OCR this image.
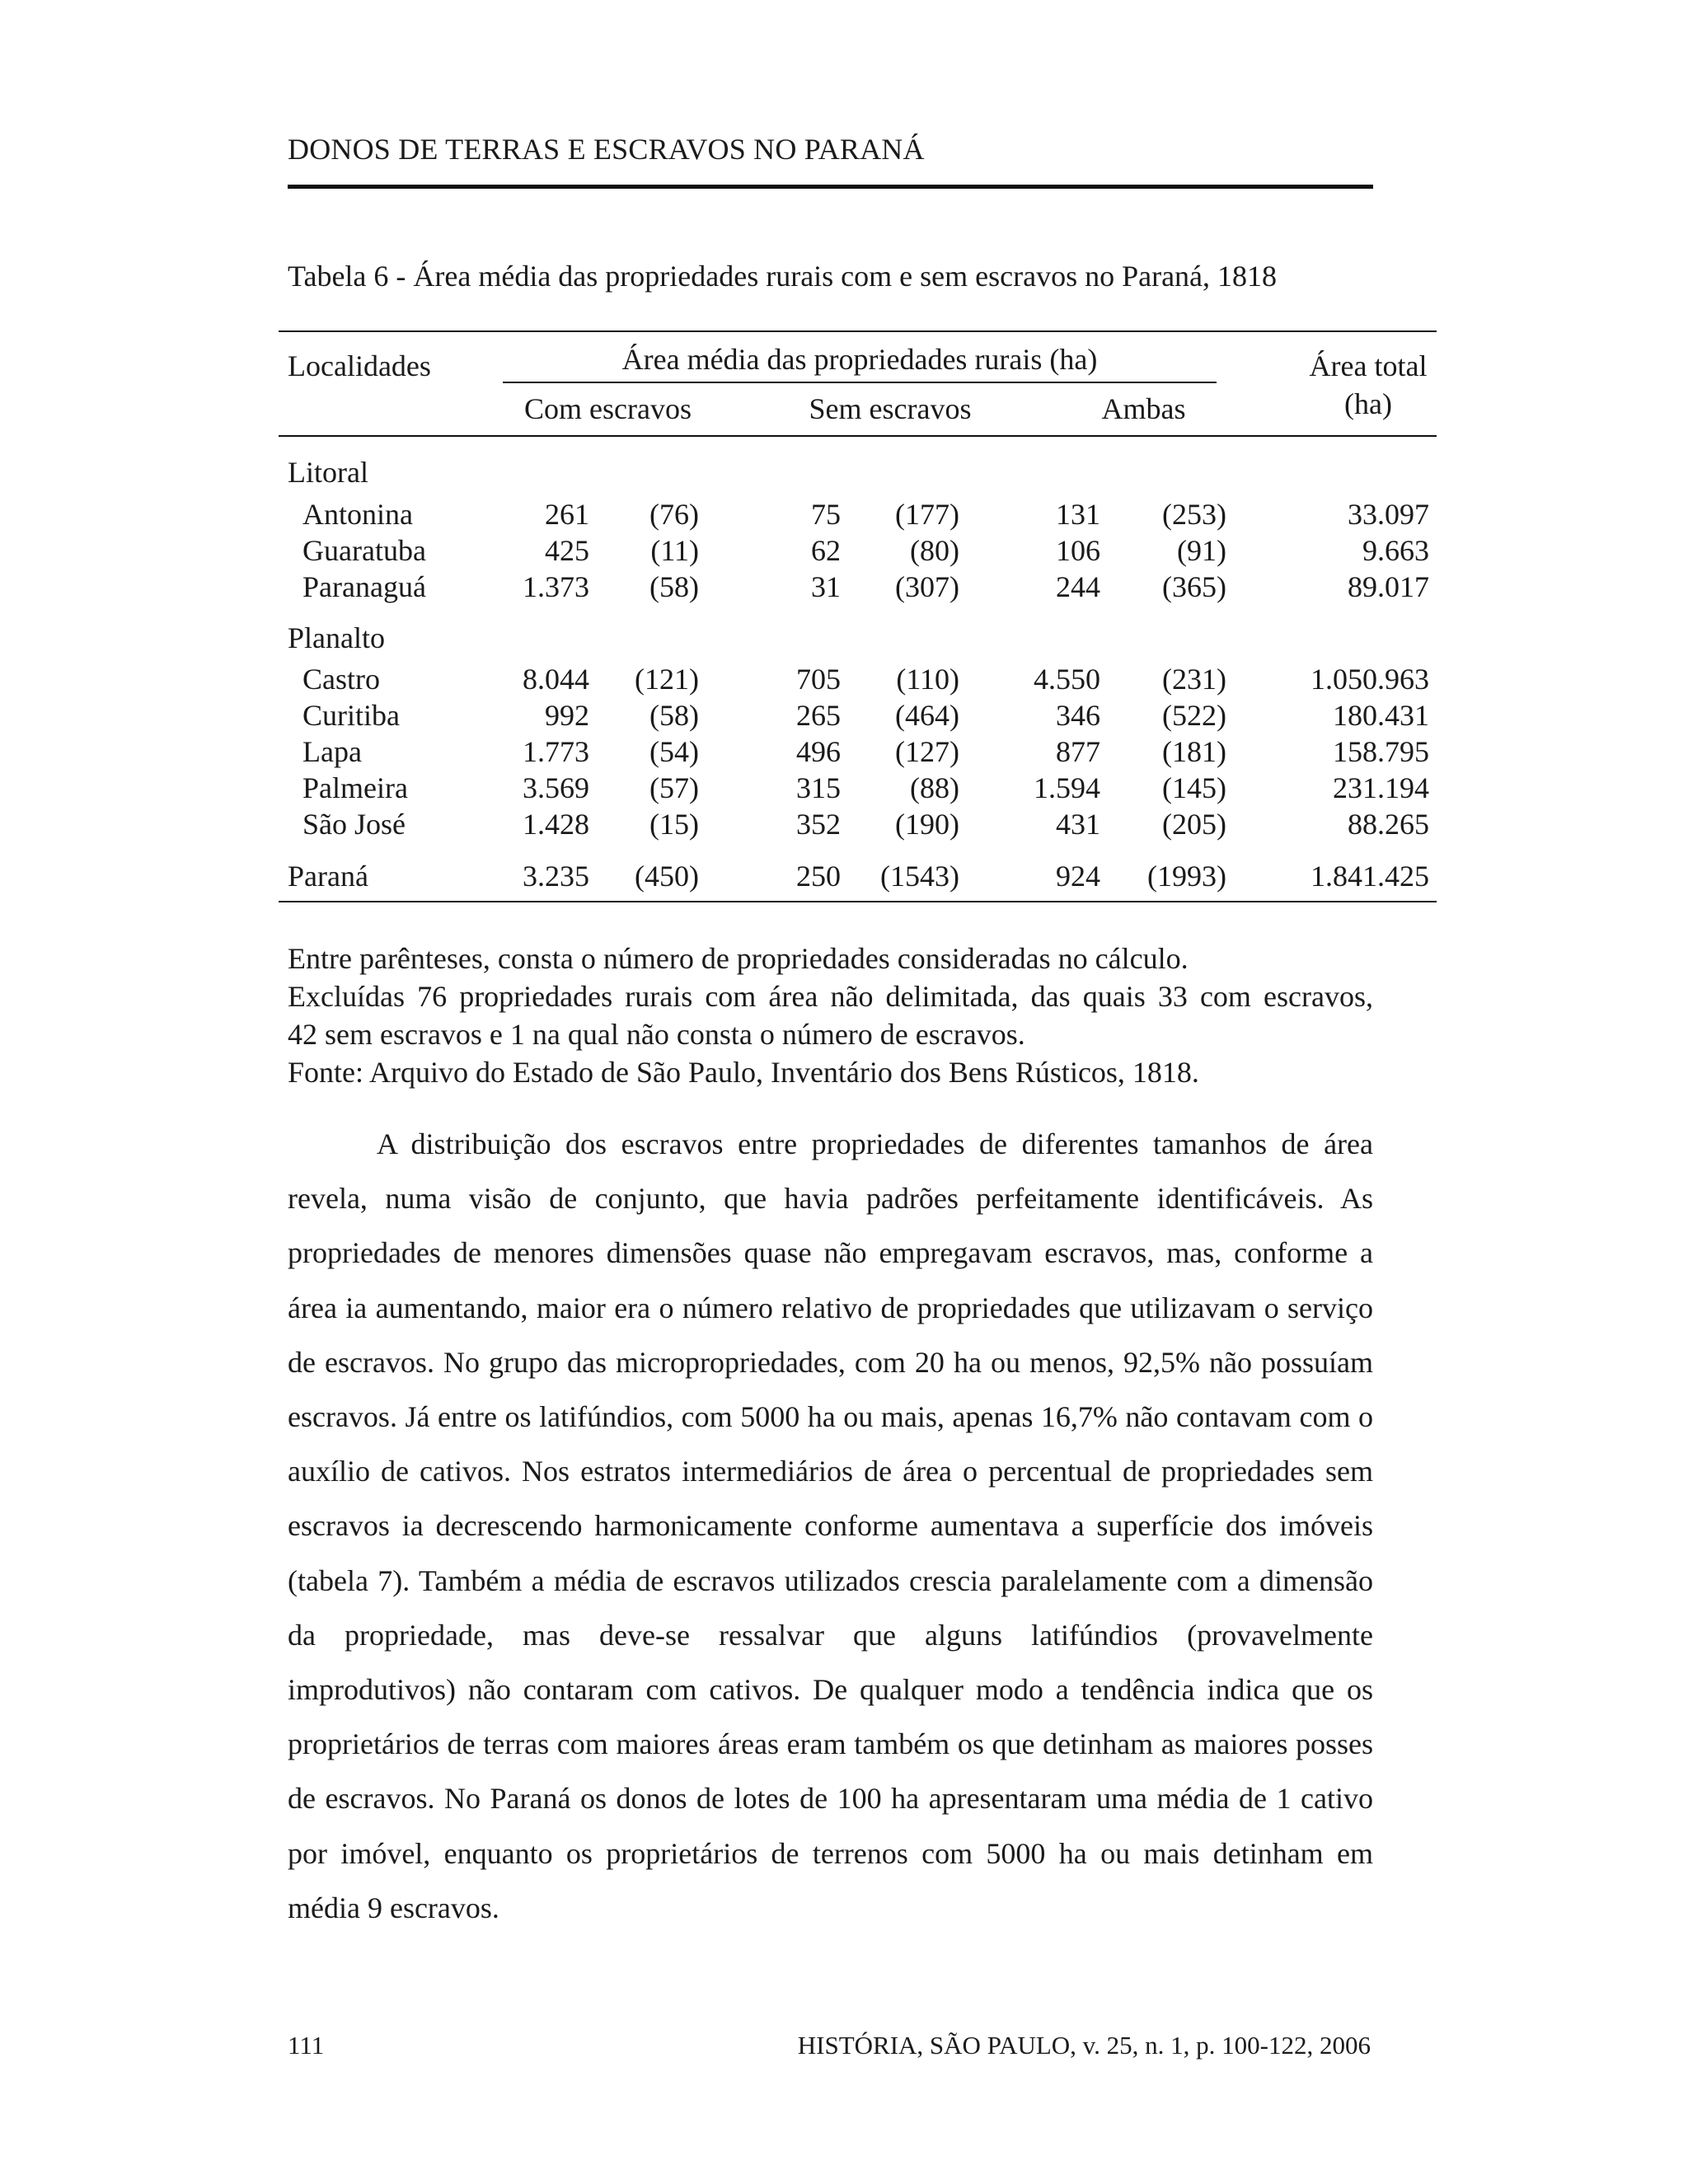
DONOS DE TERRAS E ESCRAVOS NO PARANÁ
Tabela 6 - Área média das propriedades rurais com e sem escravos no Paraná, 1818
Localidades	Área média das propriedades rurais (ha)
Com escravos	Sem escravos	Ambas
Área total
(ha)
Litoral
Antonina	261	(76)	75	(177)	131	(253)	33.097
Guaratuba	425	(11)	62	(80)	106	(91)	9.663
Paranaguá	1.373	(58)	31	(307)	244	(365)	89.017
Planalto
Castro	8.044	(121)	705	(110)	4.550	(231)	1.050.963
Curitiba	992	(58)	265	(464)	346	(522)	180.431
Lapa	1.773	(54)	496	(127)	877	(181)	158.795
Palmeira	3.569	(57)	315	(88)	1.594	(145)	231.194
São José	1.428	(15)	352	(190)	431	(205)	88.265
Paraná	3.235	(450)	250	(1543)	924	(1993)	1.841.425

Entre parênteses, consta o número de propriedades consideradas no cálculo.

Excluídas 76 propriedades rurais com área não delimitada, das quais 33 com escravos,

42 sem escravos e 1 na qual não consta o número de escravos.

Fonte: Arquivo do Estado de São Paulo, Inventário dos Bens Rústicos, 1818.

A distribuição dos escravos entre propriedades de diferentes tamanhos de área revela, numa visão de conjunto, que havia padrões perfeitamente identificáveis. As propriedades de menores dimensões quase não empregavam escravos, mas, conforme a área ia aumentando, maior era o número relativo de propriedades que utilizavam o serviço de escravos. No grupo das micropropriedades, com 20 ha ou menos, 92,5% não possuíam escravos. Já entre os latifúndios, com 5000 ha ou mais, apenas 16,7% não contavam com o auxílio de cativos. Nos estratos intermediários de área o percentual de propriedades sem escravos ia decrescendo harmonicamente conforme aumentava a superfície dos imóveis (tabela 7). Também a média de escravos utilizados crescia paralelamente com a dimensão da propriedade, mas deve-se ressalvar que alguns latifúndios (provavelmente improdutivos) não contaram com cativos. De qualquer modo a tendência indica que os proprietários de terras com maiores áreas eram também os que detinham as maiores posses de escravos. No Paraná os donos de lotes de 100 ha apresentaram uma média de 1 cativo por imóvel, enquanto os proprietários de terrenos com 5000 ha ou mais detinham em média 9 escravos.

111	HISTÓRIA, SÃO PAULO, v. 25, n. 1, p. 100-122, 2006
